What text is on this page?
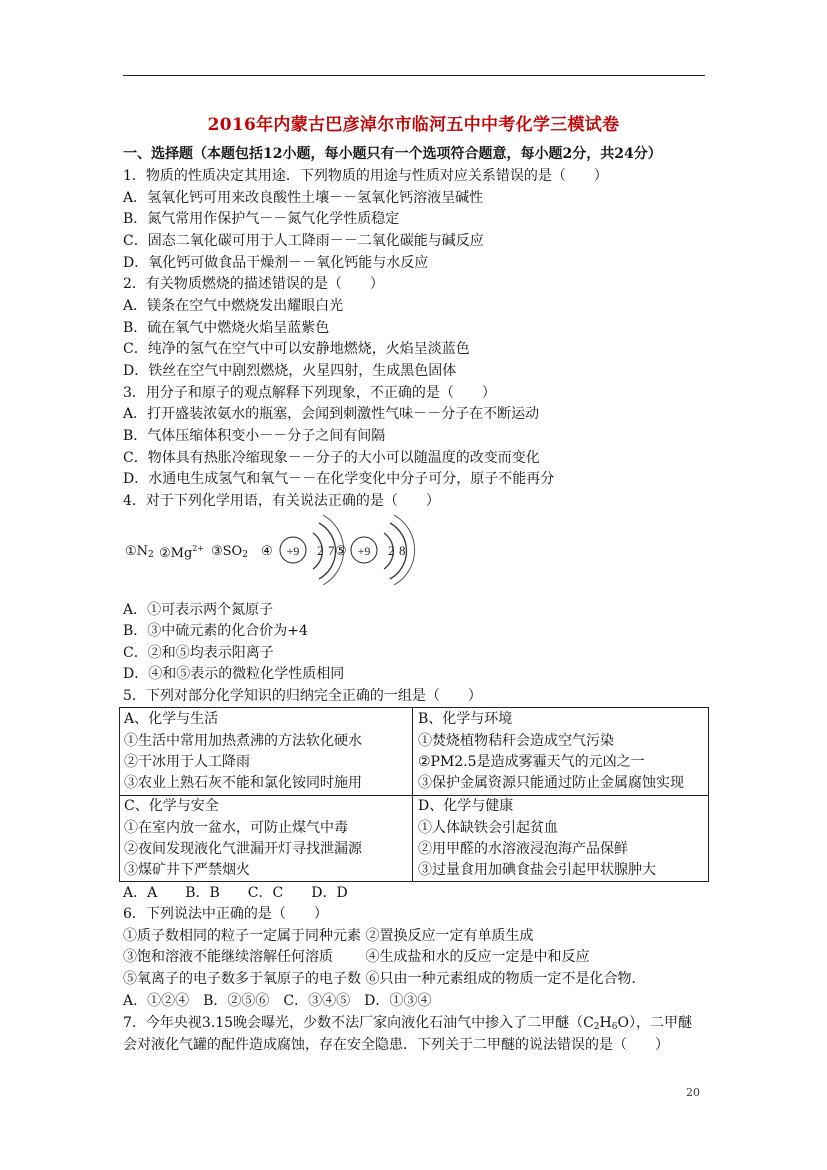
2016年内蒙古巴彦淖尔市临河五中中考化学三模试卷
一、选择题（本题包括12小题，每小题只有一个选项符合题意，每小题2分，共24分）
1．物质的性质决定其用途．下列物质的用途与性质对应关系错误的是（　　）
A．氢氧化钙可用来改良酸性土壤－－氢氧化钙溶液呈碱性
B．氮气常用作保护气－－氮气化学性质稳定
C．固态二氧化碳可用于人工降雨－－二氧化碳能与碱反应
D．氧化钙可做食品干燥剂－－氧化钙能与水反应
2．有关物质燃烧的描述错误的是（　　）
A．镁条在空气中燃烧发出耀眼白光
B．硫在氧气中燃烧火焰呈蓝紫色
C．纯净的氢气在空气中可以安静地燃烧，火焰呈淡蓝色
D．铁丝在空气中剧烈燃烧，火星四射，生成黑色固体
3．用分子和原子的观点解释下列现象，不正确的是（　　）
A．打开盛装浓氨水的瓶塞，会闻到刺激性气味－－分子在不断运动
B．气体压缩体积变小－－分子之间有间隔
C．物体具有热胀冷缩现象－－分子的大小可以随温度的改变而变化
D．水通电生成氢气和氧气－－在化学变化中分子可分，原子不能再分
4．对于下列化学用语，有关说法正确的是（　　）
$①N_2$ $②Mg^{2+}$ $③SO_2$ ④ +9 2 7 ⑤ +9 2 8
A．①可表示两个氮原子
B．③中硫元素的化合价为+4
C．②和⑤均表示阳离子
D．④和⑤表示的微粒化学性质相同
5．下列对部分化学知识的归纳完全正确的一组是（　　）
A、化学与生活
①生活中常用加热煮沸的方法软化硬水
②干冰用于人工降雨
③农业上熟石灰不能和氯化铵同时施用
B、化学与环境
①焚烧植物秸秆会造成空气污染
②PM2.5是造成雾霾天气的元凶之一
③保护金属资源只能通过防止金属腐蚀实现
C、化学与安全
①在室内放一盆水，可防止煤气中毒
②夜间发现液化气泄漏开灯寻找泄漏源
③煤矿井下严禁烟火
D、化学与健康
①人体缺铁会引起贫血
②用甲醛的水溶液浸泡海产品保鲜
③过量食用加碘食盐会引起甲状腺肿大
A．A　　B．B　　C．C　　D．D
6．下列说法中正确的是（　　）
①质子数相同的粒子一定属于同种元素 ②置换反应一定有单质生成
③饱和溶液不能继续溶解任何溶质　　 ④生成盐和水的反应一定是中和反应
⑤氧离子的电子数多于氧原子的电子数 ⑥只由一种元素组成的物质一定不是化合物．
A．①②④　B．②⑤⑥　C．③④⑤　D．①③④
7．今年央视3.15晚会曝光，少数不法厂家向液化石油气中掺入了二甲醚$(C_2H_6O)$，二甲醚
会对液化气罐的配件造成腐蚀，存在安全隐患．下列关于二甲醚的说法错误的是（　　）
20
